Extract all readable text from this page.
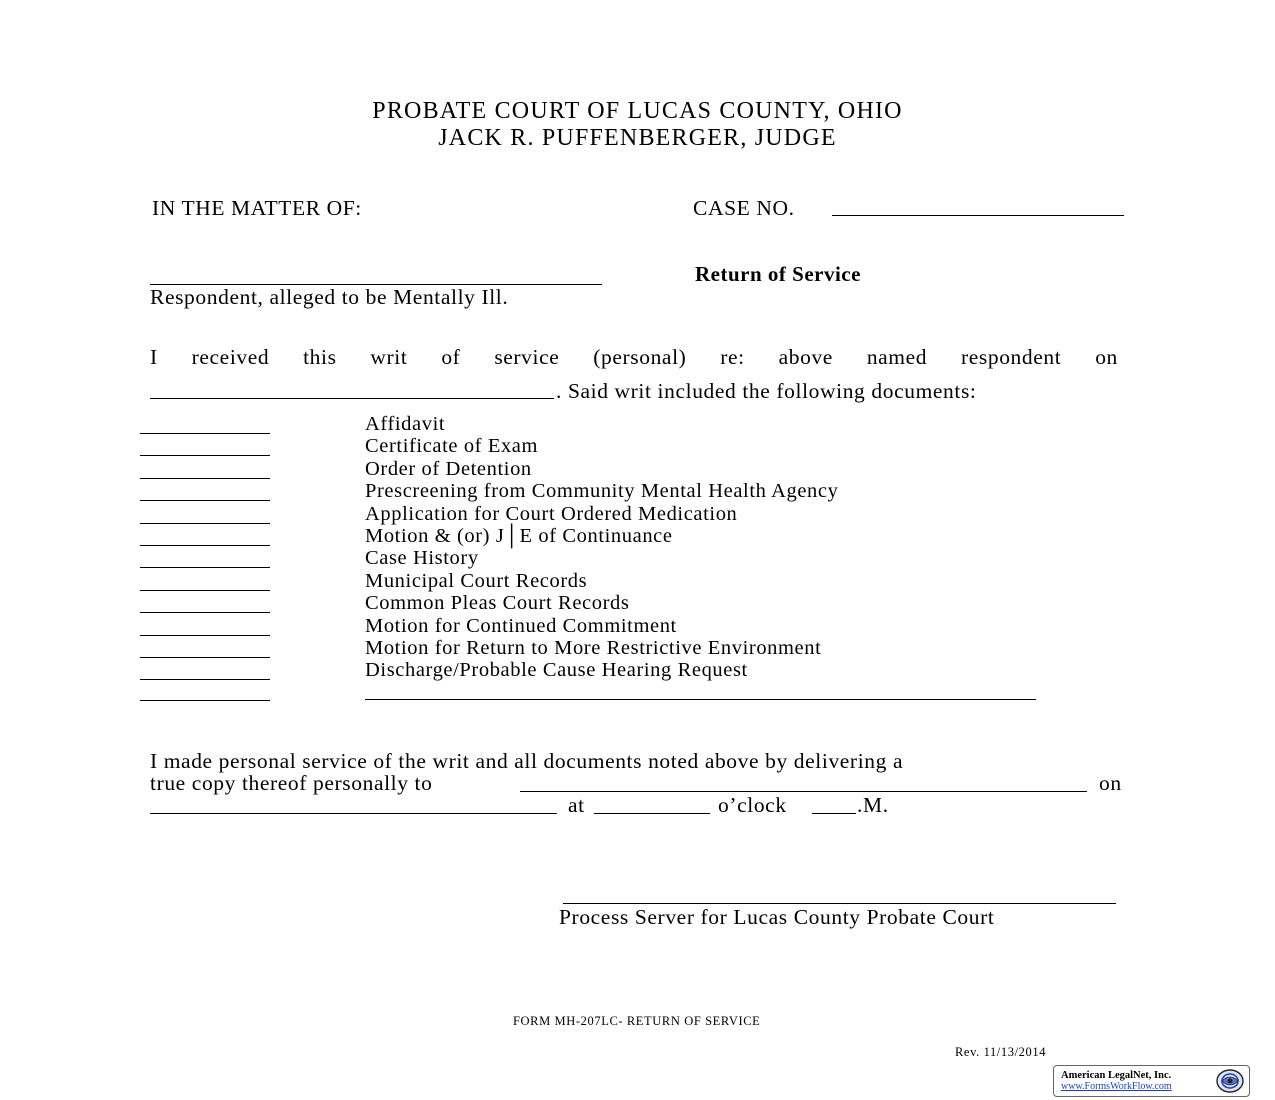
PROBATE COURT OF LUCAS COUNTY, OHIO
JACK R. PUFFENBERGER, JUDGE
IN THE MATTER OF:	CASE NO.
Respondent, alleged to be Mentally Ill.
Return of Service
I received this writ of service (personal) re: above named respondent on
. Said writ included the following documents:
Affidavit
Certificate of Exam
Order of Detention
Prescreening from Community Mental Health Agency
Application for Court Ordered Medication
Motion & (or) J│E of Continuance
Case History
Municipal Court Records
Common Pleas Court Records
Motion for Continued Commitment
Motion for Return to More Restrictive Environment
Discharge/Probable Cause Hearing Request
I made personal service of the writ and all documents noted above by delivering a
true copy thereof personally to	on
at	o’clock	.M.
Process Server for Lucas County Probate Court
FORM MH-207LC- RETURN OF SERVICE
Rev. 11/13/2014
American LegalNet, Inc.
www.FormsWorkFlow.com
